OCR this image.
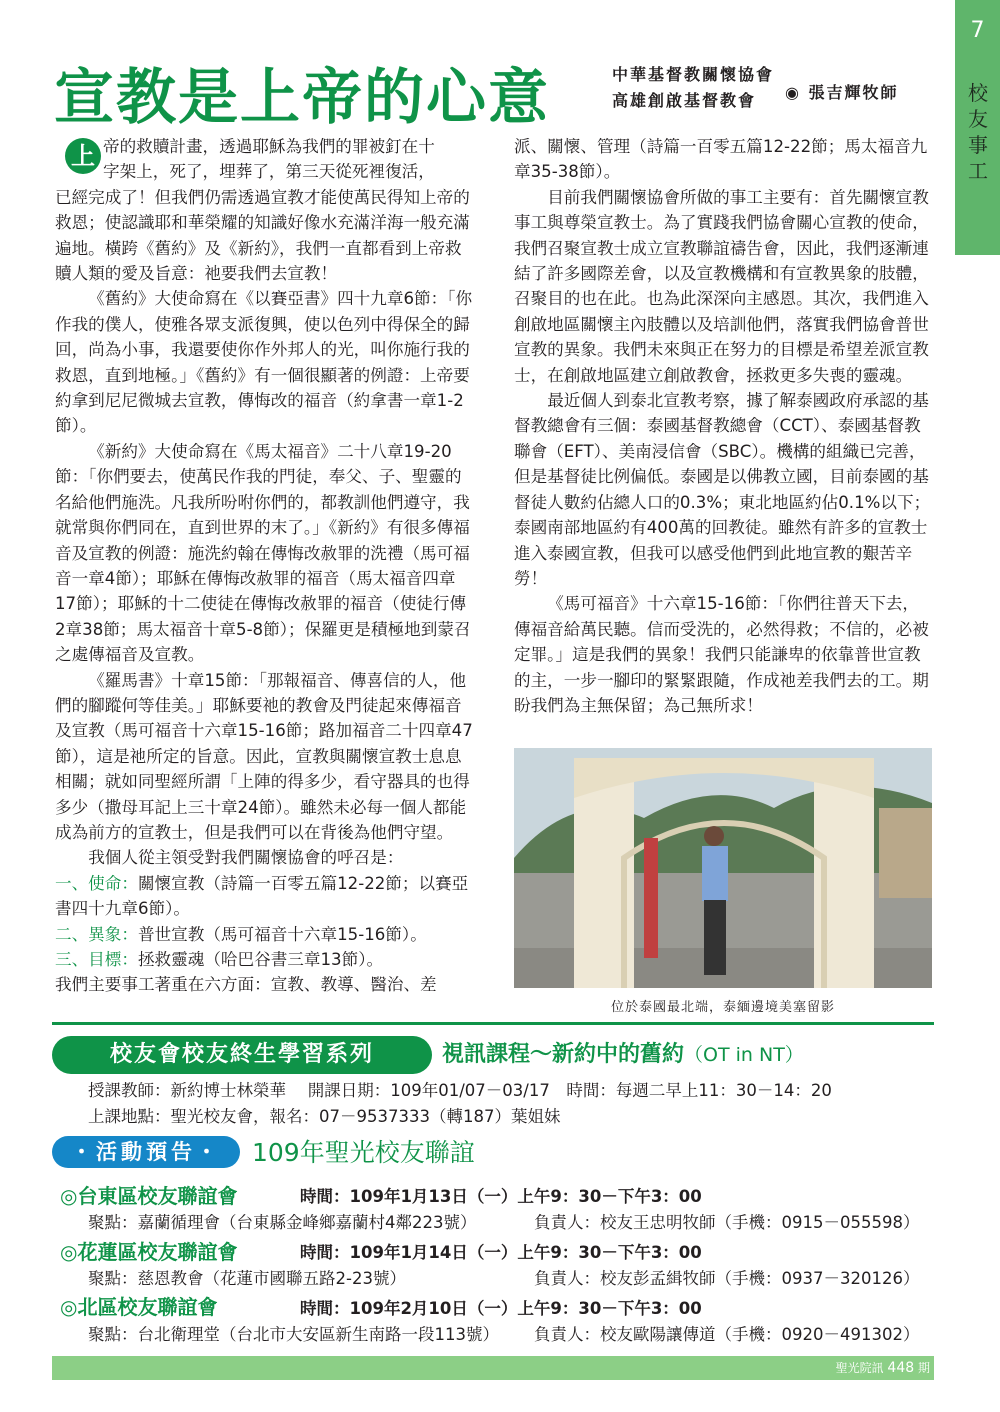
7
校友事工
宣教是上帝的心意	中華基督教關懷協會
高雄創啟基督教會 ◉ 張吉輝牧師
上 帝的救贖計畫，透過耶穌為我們的罪被釘在十

字架上，死了，埋葬了，第三天從死裡復活，

已經完成了！但我們仍需透過宣教才能使萬民得知上帝的救恩；使認識耶和華榮耀的知識好像水充滿洋海一般充滿遍地。橫跨《舊約》及《新約》，我們一直都看到上帝救贖人類的愛及旨意：祂要我們去宣教！

《舊約》大使命寫在《以賽亞書》四十九章6節：「你作我的僕人，使雅各眾支派復興，使以色列中得保全的歸回，尚為小事，我還要使你作外邦人的光，叫你施行我的救恩，直到地極。」《舊約》有一個很顯著的例證：上帝要約拿到尼尼微城去宣教，傳悔改的福音（約拿書一章1-2節）。

《新約》大使命寫在《馬太福音》二十八章19-20節：「你們要去，使萬民作我的門徒，奉父、子、聖靈的名給他們施洗。凡我所吩咐你們的，都教訓他們遵守，我就常與你們同在，直到世界的末了。」《新約》有很多傳福音及宣教的例證：施洗約翰在傳悔改赦罪的洗禮（馬可福音一章4節）；耶穌在傳悔改赦罪的福音（馬太福音四章17節）；耶穌的十二使徒在傳悔改赦罪的福音（使徒行傳2章38節；馬太福音十章5-8節）；保羅更是積極地到蒙召之處傳福音及宣教。

《羅馬書》十章15節：「那報福音、傳喜信的人，他們的腳蹤何等佳美。」耶穌要祂的教會及門徒起來傳福音及宣教（馬可福音十六章15-16節；路加福音二十四章47節），這是祂所定的旨意。因此，宣教與關懷宣教士息息相關；就如同聖經所謂「上陣的得多少，看守器具的也得多少（撒母耳記上三十章24節）。雖然未必每一個人都能成為前方的宣教士，但是我們可以在背後為他們守望。

我個人從主領受對我們關懷協會的呼召是：

一、使命：關懷宣教（詩篇一百零五篇12-22節；以賽亞書四十九章6節）。

二、異象：普世宣教（馬可福音十六章15-16節）。

三、目標：拯救靈魂（哈巴谷書三章13節）。

我們主要事工著重在六方面：宣教、教導、醫治、差

派、關懷、管理（詩篇一百零五篇12-22節；馬太福音九章35-38節）。

目前我們關懷協會所做的事工主要有：首先關懷宣教事工與尊榮宣教士。為了實踐我們協會關心宣教的使命，我們召聚宣教士成立宣教聯誼禱告會，因此，我們逐漸連結了許多國際差會，以及宣教機構和有宣教異象的肢體，召聚目的也在此。也為此深深向主感恩。其次，我們進入創啟地區關懷主內肢體以及培訓他們，落實我們協會普世宣教的異象。我們未來與正在努力的目標是希望差派宣教士，在創啟地區建立創啟教會，拯救更多失喪的靈魂。

最近個人到泰北宣教考察，據了解泰國政府承認的基督教總會有三個：泰國基督教總會（CCT）、泰國基督教聯會（EFT）、美南浸信會（SBC）。機構的組織已完善，但是基督徒比例偏低。泰國是以佛教立國，目前泰國的基督徒人數約佔總人口的0.3%；東北地區約佔0.1%以下；泰國南部地區約有400萬的回教徒。雖然有許多的宣教士進入泰國宣教，但我可以感受他們到此地宣教的艱苦辛勞！

《馬可福音》十六章15-16節：「你們往普天下去，傳福音給萬民聽。信而受洗的，必然得救；不信的，必被定罪。」這是我們的異象！我們只能謙卑的依靠普世宣教的主，一步一腳印的緊緊跟隨，作成祂差我們去的工。期盼我們為主無保留；為己無所求！

位於泰國最北端，泰緬邊境美塞留影
校友會校友終生學習系列	視訊課程～新約中的舊約（OT in NT）
授課教師：新約博士林榮華　 開課日期：109年01/07－03/17　時間：每週二早上11：30－14：20
上課地點：聖光校友會，報名：07－9537333（轉187）葉姐妹
・活動預告・	109年聖光校友聯誼
◎台東區校友聯誼會	時間：109年1月13日（一）上午9：30－下午3：00
聚點：嘉蘭循理會（台東縣金峰鄉嘉蘭村4鄰223號）	負責人：校友王忠明牧師（手機：0915－055598）
◎花蓮區校友聯誼會	時間：109年1月14日（一）上午9：30－下午3：00
聚點：慈恩教會（花蓮市國聯五路2-23號）	負責人：校友彭孟緝牧師（手機：0937－320126）
◎北區校友聯誼會	時間：109年2月10日（一）上午9：30－下午3：00
聚點：台北衛理堂（台北市大安區新生南路一段113號） 負責人：校友歐陽讓傳道（手機：0920－491302）
聖光院訊 448 期
